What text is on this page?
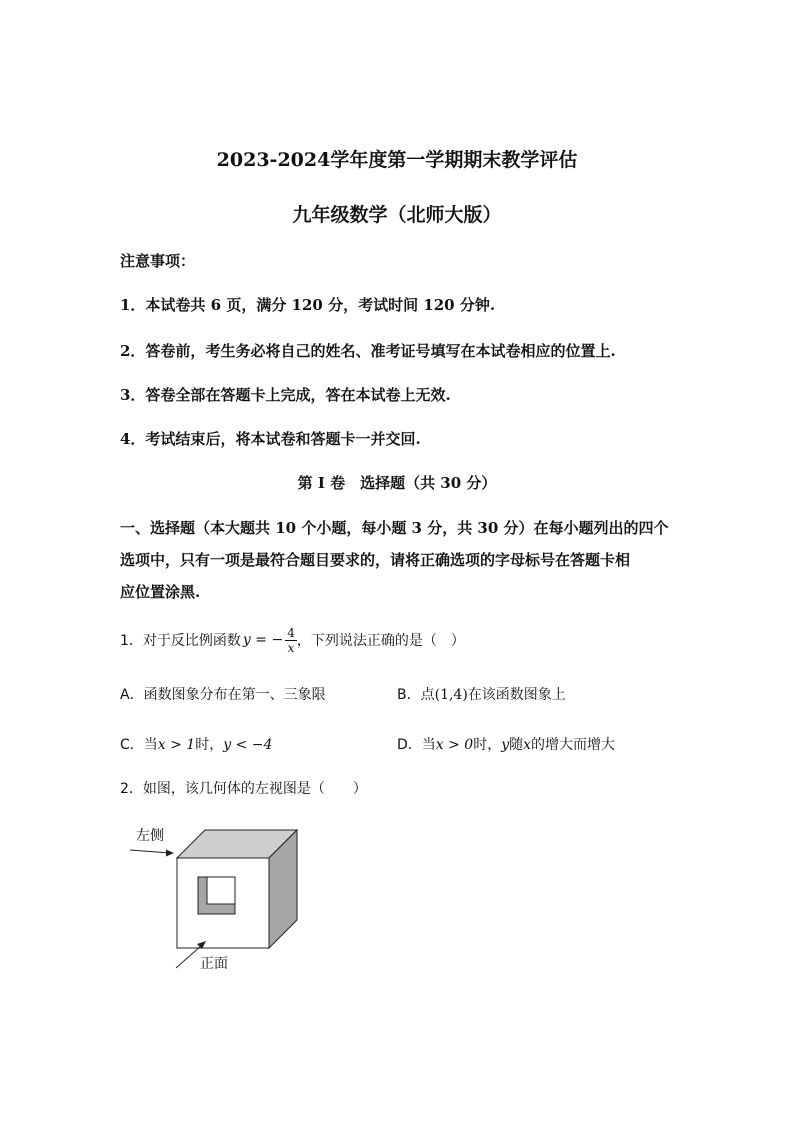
2023-2024学年度第一学期期末教学评估
九年级数学（北师大版）
注意事项：
1．本试卷共 6 页，满分 120 分，考试时间 120 分钟.
2．答卷前，考生务必将自己的姓名、准考证号填写在本试卷相应的位置上.
3．答卷全部在答题卡上完成，答在本试卷上无效.
4．考试结束后，将本试卷和答题卡一并交回.
第 I 卷　选择题（共 30 分）
一、选择题（本大题共 10 个小题，每小题 3 分，共 30 分）在每小题列出的四个
选项中，只有一项是最符合题目要求的，请将正确选项的字母标号在答题卡相
应位置涂黑.
1．对于反比例函数 y = − $\frac{4}{x}$ ，下列说法正确的是（　）
A．函数图象分布在第一、三象限	B．点(1,4)在该函数图象上
C．当x > 1时，y < −4	D．当x > 0时，y随x的增大而增大
2．如图，该几何体的左视图是（　　）
左侧
正面
